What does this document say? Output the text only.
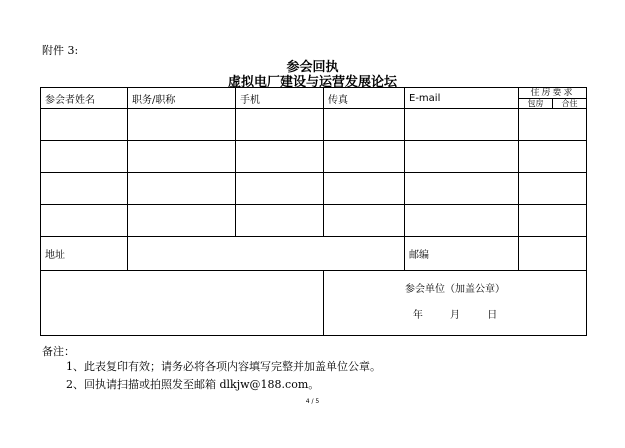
附件 3:
参会回执
虚拟电厂建设与运营发展论坛
参会者姓名	职务/职称	手机	传真	E-mail	住房要求
包房 合住

地址				邮编	

			参会单位（加盖公章）
年 月 日		
备注：
1、此表复印有效；请务必将各项内容填写完整并加盖单位公章。
2、回执请扫描或拍照发至邮箱 dlkjw@188.com。
4 / 5
